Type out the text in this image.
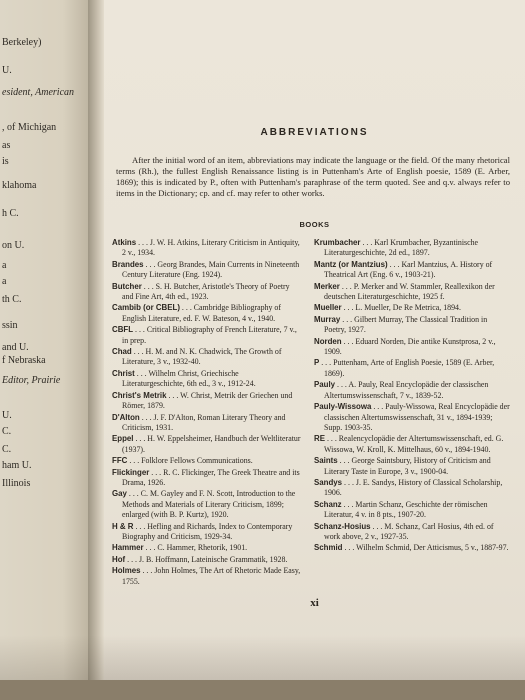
Berkeley)
U.
esident, American
, of Michigan
as
is
klahoma
h C.
on U.
a
a
th C.
ssin
and U.
f Nebraska
Editor, Prairie
U.
C.
C.
ham U.
Illinois
ABBREVIATIONS
After the initial word of an item, abbreviations may indicate the language or the field. Of the many rhetorical terms (Rh.), the fullest English Renaissance listing is in Puttenham's Arte of English poesie, 1589 (E. Arber, 1869); this is indicated by P., often with Puttenham's paraphrase of the term quoted. See and q.v. always refer to items in the Dictionary; cp. and cf. may refer to other works.
BOOKS
Atkins . . . J. W. H. Atkins, Literary Criticism in Antiquity, 2 v., 1934.
Brandes . . . Georg Brandes, Main Currents in Nineteenth Century Literature (Eng. 1924).
Butcher . . . S. H. Butcher, Aristotle's Theory of Poetry and Fine Art, 4th ed., 1923.
Cambib (or CBEL) . . . Cambridge Bibliography of English Literature, ed. F. W. Bateson, 4 v., 1940.
CBFL . . . Critical Bibliography of French Literature, 7 v., in prep.
Chad . . . H. M. and N. K. Chadwick, The Growth of Literature, 3 v., 1932-40.
Christ . . . Wilhelm Christ, Griechische Literaturgeschichte, 6th ed., 3 v., 1912-24.
Christ's Metrik . . . W. Christ, Metrik der Griechen und Römer, 1879.
D'Alton . . . J. F. D'Alton, Roman Literary Theory and Criticism, 1931.
Eppel . . . H. W. Eppelsheimer, Handbuch der Weltliteratur (1937).
FFC . . . Folklore Fellows Communications.
Flickinger . . . R. C. Flickinger, The Greek Theatre and its Drama, 1926.
Gay . . . C. M. Gayley and F. N. Scott, Introduction to the Methods and Materials of Literary Criticism, 1899; enlarged (with B. P. Kurtz), 1920.
H & R . . . Hefling and Richards, Index to Contemporary Biography and Criticism, 1929-34.
Hammer . . . C. Hammer, Rhetorik, 1901.
Hof . . . J. B. Hoffmann, Lateinische Grammatik, 1928.
Holmes . . . John Holmes, The Art of Rhetoric Made Easy, 1755.
Krumbacher . . . Karl Krumbacher, Byzantinische Literaturgeschichte, 2d ed., 1897.
Mantz (or Mantzius) . . . Karl Mantzius, A. History of Theatrical Art (Eng. 6 v., 1903-21).
Merker . . . P. Merker and W. Stammler, Reallexikon der deutschen Literaturgeschichte, 1925 f.
Mueller . . . L. Mueller, De Re Metrica, 1894.
Murray . . . Gilbert Murray, The Classical Tradition in Poetry, 1927.
Norden . . . Eduard Norden, Die antike Kunstprosa, 2 v., 1909.
P . . . Puttenham, Arte of English Poesie, 1589 (E. Arber, 1869).
Pauly . . . A. Pauly, Real Encyclopädie der classischen Altertumswissenschaft, 7 v., 1839-52.
Pauly-Wissowa . . . Pauly-Wissowa, Real Encyclopädie der classischen Altertumswissenschaft, 31 v., 1894-1939; Supp. 1903-35.
RE . . . Realencyclopädie der Altertumswissenschaft, ed. G. Wissowa, W. Kroll, K. Mittelhaus, 60 v., 1894-1940.
Saints . . . George Saintsbury, History of Criticism and Literary Taste in Europe, 3 v., 1900-04.
Sandys . . . J. E. Sandys, History of Classical Scholarship, 1906.
Schanz . . . Martin Schanz, Geschichte der römischen Literatur, 4 v. in 8 pts., 1907-20.
Schanz-Hosius . . . M. Schanz, Carl Hosius, 4th ed. of work above, 2 v., 1927-35.
Schmid . . . Wilhelm Schmid, Der Atticismus, 5 v., 1887-97.
xi
